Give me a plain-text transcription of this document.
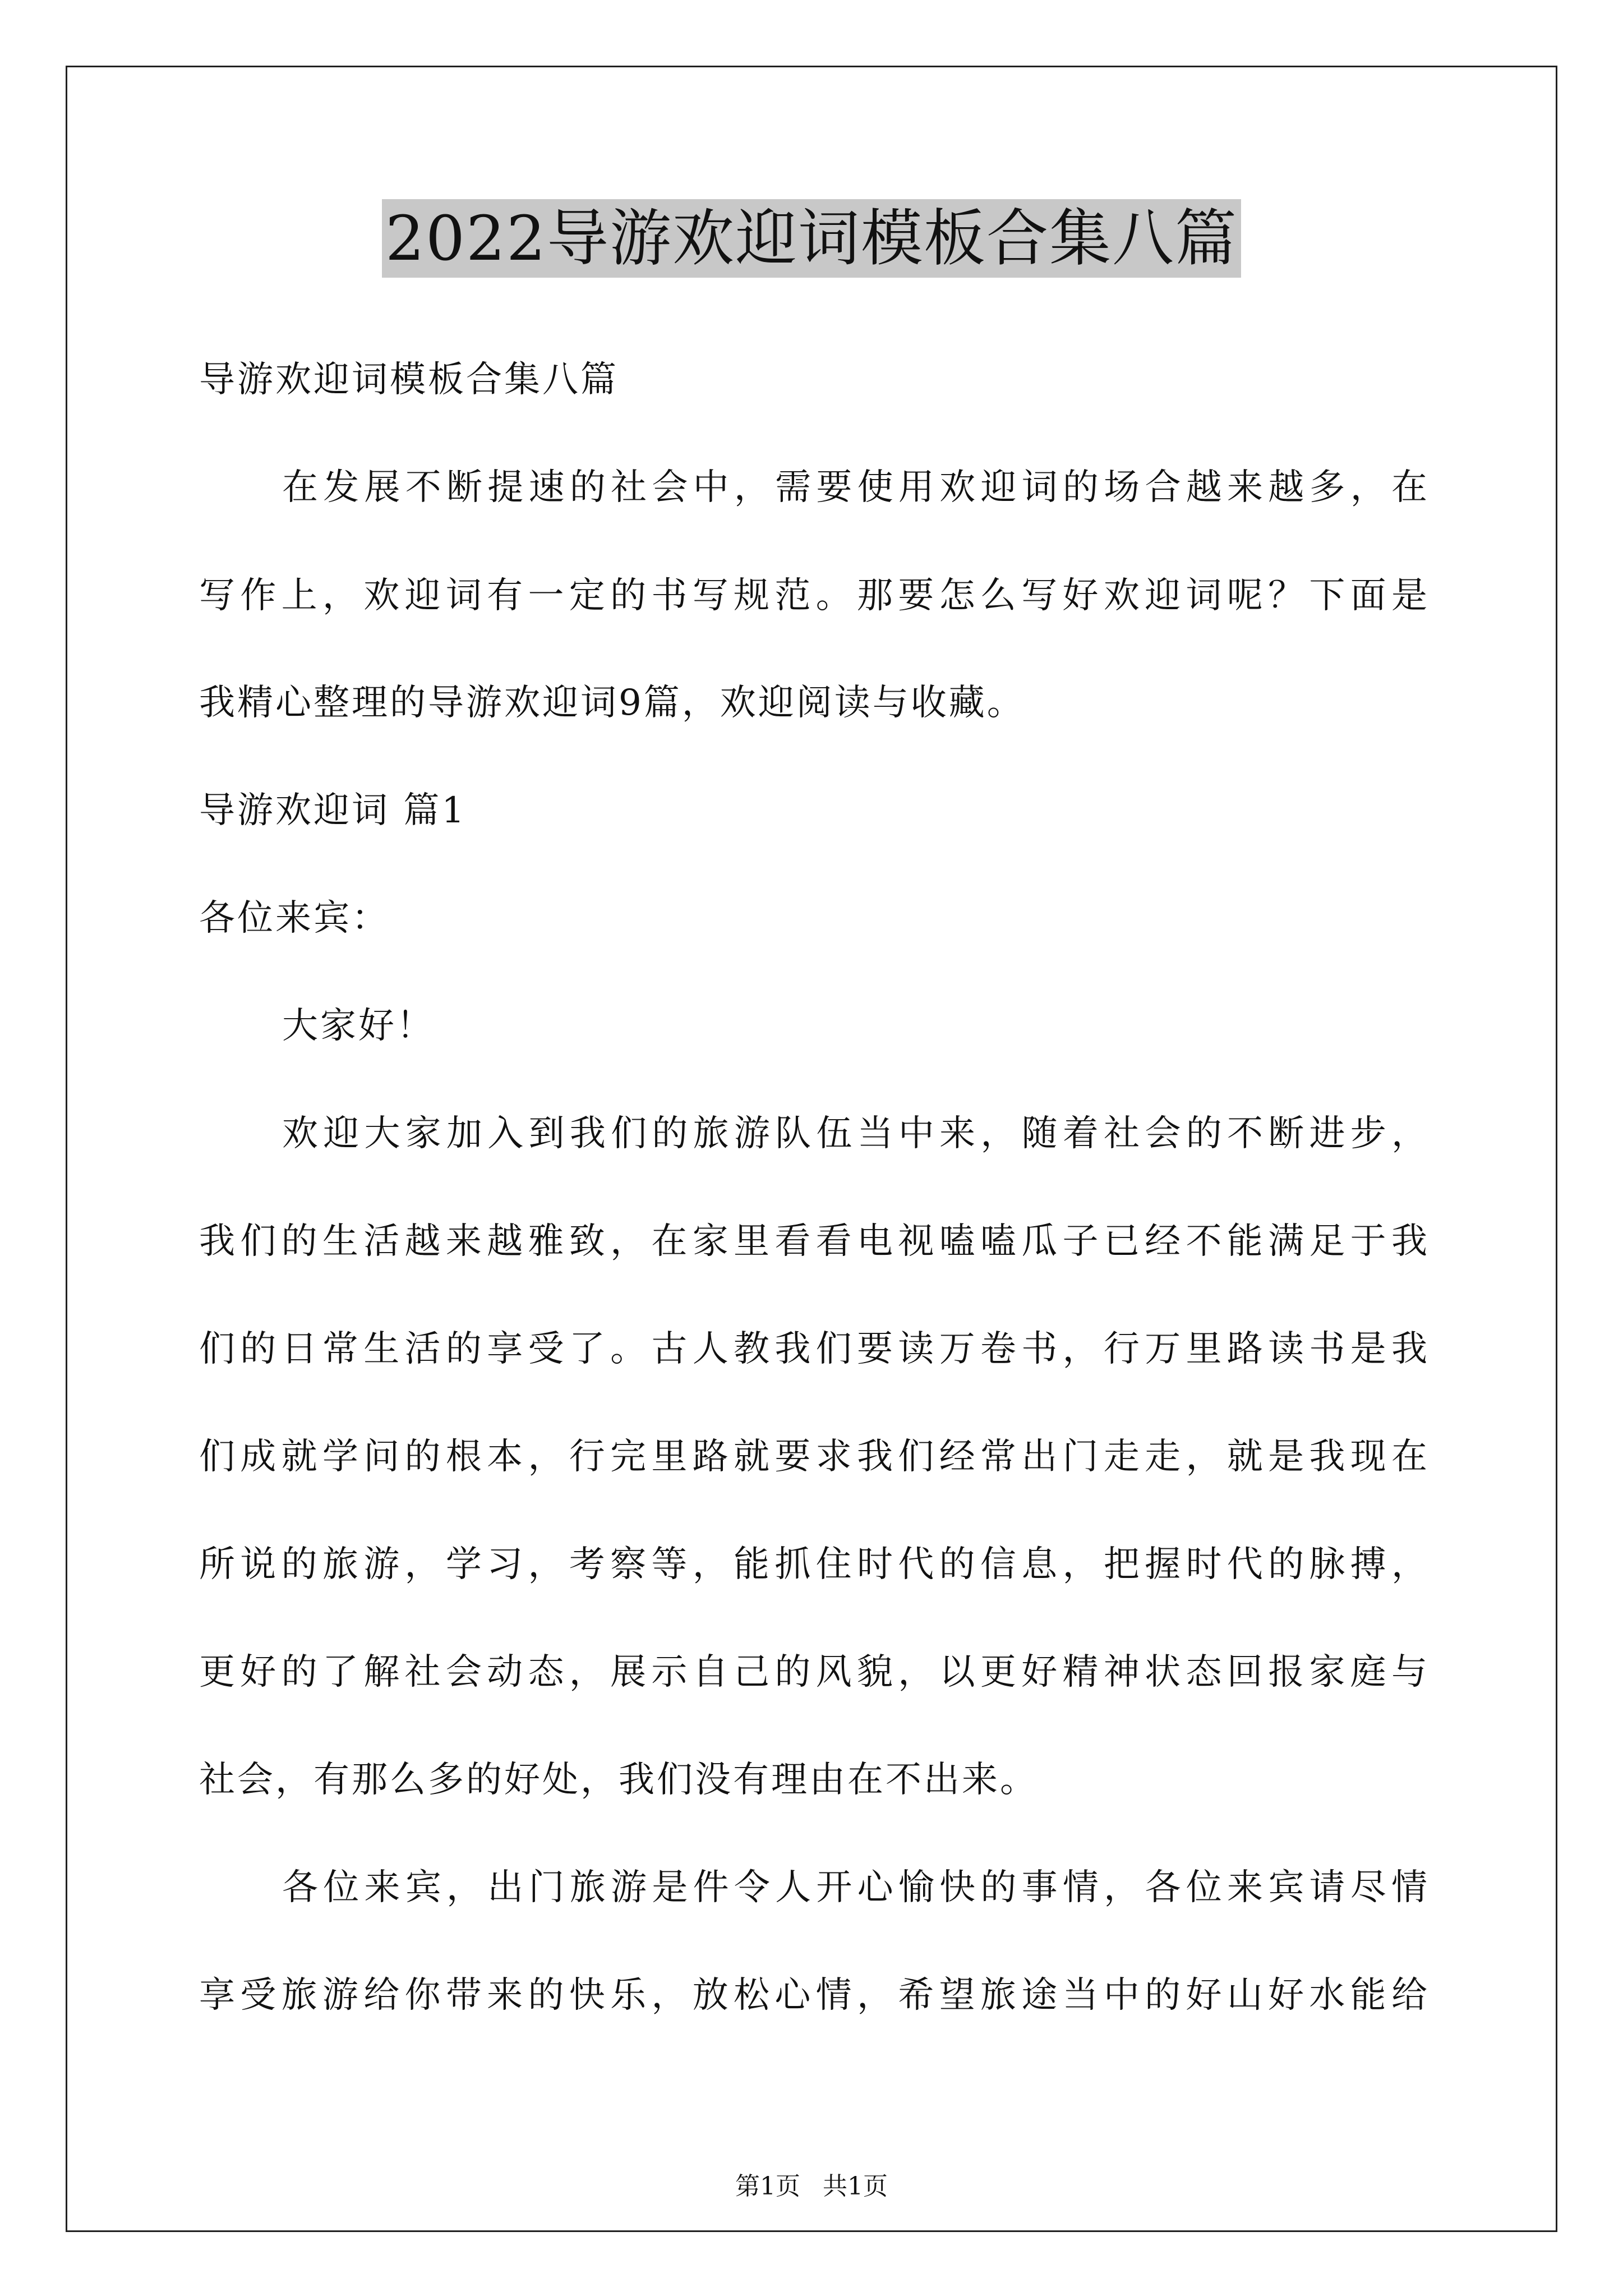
2022导游欢迎词模板合集八篇
导游欢迎词模板合集八篇
在发展不断提速的社会中，需要使用欢迎词的场合越来越多，在
写作上，欢迎词有一定的书写规范。那要怎么写好欢迎词呢？下面是
我精心整理的导游欢迎词9篇，欢迎阅读与收藏。
导游欢迎词 篇1
各位来宾：
大家好！
欢迎大家加入到我们的旅游队伍当中来，随着社会的不断进步，
我们的生活越来越雅致，在家里看看电视嗑嗑瓜子已经不能满足于我
们的日常生活的享受了。古人教我们要读万卷书，行万里路读书是我
们成就学问的根本，行完里路就要求我们经常出门走走，就是我现在
所说的旅游，学习，考察等，能抓住时代的信息，把握时代的脉搏，
更好的了解社会动态，展示自己的风貌，以更好精神状态回报家庭与
社会，有那么多的好处，我们没有理由在不出来。
各位来宾，出门旅游是件令人开心愉快的事情，各位来宾请尽情
享受旅游给你带来的快乐，放松心情，希望旅途当中的好山好水能给
第1页 共1页
